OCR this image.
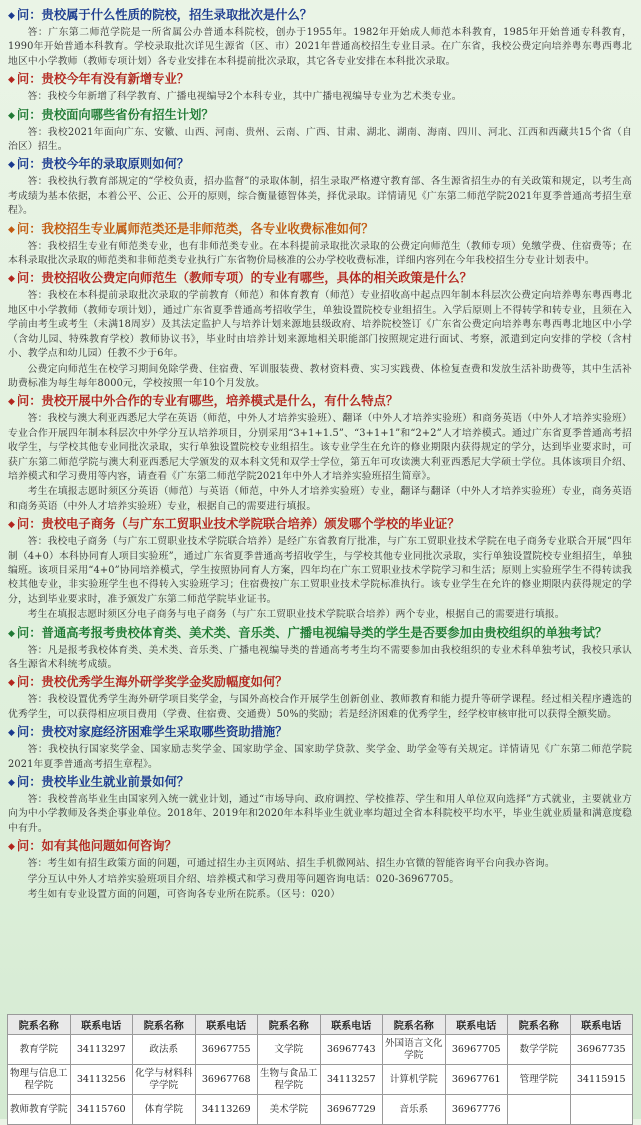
◆ 问：贵校属于什么性质的院校，招生录取批次是什么？

答：广东第二师范学院是一所省属公办普通本科院校，创办于1955年。1982年开始成人师范本科教育，1985年开始普通专科教育，1990年开始普通本科教育。学校录取批次详见生源省（区、市）2021年普通高校招生专业目录。在广东省，我校公费定向培养粤东粤西粤北地区中小学教师（教师专项计划）各专业安排在本科提前批次录取，其它各专业安排在本科批次录取。

◆ 问：贵校今年有没有新增专业？

答：我校今年新增了科学教育、广播电视编导2个本科专业，其中广播电视编导专业为艺术类专业。

◆ 问：贵校面向哪些省份有招生计划？

答：我校2021年面向广东、安徽、山西、河南、贵州、云南、广西、甘肃、湖北、湖南、海南、四川、河北、江西和西藏共15个省（自治区）招生。

◆ 问：贵校今年的录取原则如何？

答：我校执行教育部规定的“学校负责，招办监督”的录取体制，招生录取严格遵守教育部、各生源省招生办的有关政策和规定，以考生高考成绩为基本依据，本着公平、公正、公开的原则，综合衡量德智体美，择优录取。详情请见《广东第二师范学院2021年夏季普通高考招生章程》。

◆ 问：我校招生专业属师范类还是非师范类，各专业收费标准如何？

答：我校招生专业有师范类专业，也有非师范类专业。在本科提前录取批次录取的公费定向师范生（教师专项）免缴学费、住宿费等；在本科录取批次录取的师范类和非师范类专业执行广东省物价局核准的公办学校收费标准，详细内容列在今年我校招生分专业计划表中。

◆ 问：贵校招收公费定向师范生（教师专项）的专业有哪些，具体的相关政策是什么？

答：我校在本科提前录取批次录取的学前教育（师范）和体育教育（师范）专业招收高中起点四年制本科层次公费定向培养粤东粤西粤北地区中小学教师（教师专项计划），通过广东省夏季普通高考招收学生，单独设置院校专业组招生。入学后原则上不得转学和转专业，且须在入学前由考生或考生（未满18周岁）及其法定监护人与培养计划来源地县级政府、培养院校签订《广东省公费定向培养粤东粤西粤北地区中小学（含幼儿园、特殊教育学校）教师协议书》，毕业时由培养计划来源地相关职能部门按照规定进行面试、考察，派遣到定向安排的学校（含村小、教学点和幼儿园）任教不少于6年。

公费定向师范生在校学习期间免除学费、住宿费、军训服装费、教材资料费、实习实践费、体检复查费和发放生活补助费等，其中生活补助费标准为每生每年8000元，学校按照一年10个月发放。

◆ 问：贵校开展中外合作的专业有哪些，培养模式是什么，有什么特点？

答：我校与澳大利亚西悉尼大学在英语（师范，中外人才培养实验班）、翻译（中外人才培养实验班）和商务英语（中外人才培养实验班）专业合作开展四年制本科层次中外学分互认培养项目，分别采用“3+1+1.5”、“3+1+1”和“2+2”人才培养模式。通过广东省夏季普通高考招收学生，与学校其他专业同批次录取，实行单独设置院校专业组招生。该专业学生在允许的修业期限内获得规定的学分，达到毕业要求时，可获广东第二师范学院与澳大利亚西悉尼大学颁发的双本科文凭和双学士学位，第五年可攻读澳大利亚西悉尼大学硕士学位。具体该项目介绍、培养模式和学习费用等内容，请查看《广东第二师范学院2021年中外人才培养实验班招生简章》。

考生在填报志愿时须区分英语（师范）与英语（师范，中外人才培养实验班）专业，翻译与翻译（中外人才培养实验班）专业，商务英语和商务英语（中外人才培养实验班）专业，根据自己的需要进行填报。

◆ 问：贵校电子商务（与广东工贸职业技术学院联合培养）颁发哪个学校的毕业证？

答：我校电子商务（与广东工贸职业技术学院联合培养）是经广东省教育厅批准，与广东工贸职业技术学院在电子商务专业联合开展“四年制（4+0）本科协同育人项目实验班”，通过广东省夏季普通高考招收学生，与学校其他专业同批次录取，实行单独设置院校专业组招生，单独编班。该项目采用“4+0”协同培养模式，学生按照协同育人方案，四年均在广东工贸职业技术学院学习和生活；原则上实验班学生不得转读我校其他专业，非实验班学生也不得转入实验班学习；住宿费按广东工贸职业技术学院标准执行。该专业学生在允许的修业期限内获得规定的学分，达到毕业要求时，准予颁发广东第二师范学院毕业证书。

考生在填报志愿时须区分电子商务与电子商务（与广东工贸职业技术学院联合培养）两个专业，根据自己的需要进行填报。

◆ 问：普通高考报考贵校体育类、美术类、音乐类、广播电视编导类的学生是否要参加由贵校组织的单独考试？

答：凡是报考我校体育类、美术类、音乐类、广播电视编导类的普通高考考生均不需要参加由我校组织的专业术科单独考试，我校只承认各生源省术科统考成绩。

◆ 问：贵校优秀学生海外研学奖学金奖励幅度如何？

答：我校设置优秀学生海外研学项目奖学金，与国外高校合作开展学生创新创业、教师教育和能力提升等研学课程。经过相关程序遴选的优秀学生，可以获得相应项目费用（学费、住宿费、交通费）50%的奖励；若是经济困难的优秀学生，经学校审核审批可以获得全额奖励。

◆ 问：贵校对家庭经济困难学生采取哪些资助措施？

答：我校执行国家奖学金、国家励志奖学金、国家助学金、国家助学贷款、奖学金、助学金等有关规定。详情请见《广东第二师范学院2021年夏季普通高考招生章程》。

◆ 问：贵校毕业生就业前景如何？

答：我校普高毕业生由国家列入统一就业计划，通过“市场导向、政府调控、学校推荐、学生和用人单位双向选择”方式就业，主要就业方向为中小学教师及各类企事业单位。2018年、2019年和2020年本科毕业生就业率均超过全省本科院校平均水平，毕业生就业质量和满意度稳中有升。

◆ 问：如有其他问题如何咨询？

答：考生如有招生政策方面的问题，可通过招生办主页网站、招生手机微网站、招生办官微的智能咨询平台向我办咨询。

学分互认中外人才培养实验班项目介绍、培养模式和学习费用等问题咨询电话：020-36967705。

考生如有专业设置方面的问题，可咨询各专业所在院系。（区号：020）

院系名称	联系电话	院系名称	联系电话	院系名称	联系电话	院系名称	联系电话	院系名称	联系电话
教育学院	34113297	政法系	36967755	文学院	36967743	外国语言文化学院	36967705	数学学院	36967735
物理与信息工程学院	34113256	化学与材料科学学院	36967768	生物与食品工程学院	34113257	计算机学院	36967761	管理学院	34115915
教师教育学院	34115760	体育学院	34113269	美术学院	36967729	音乐系	36967776		
